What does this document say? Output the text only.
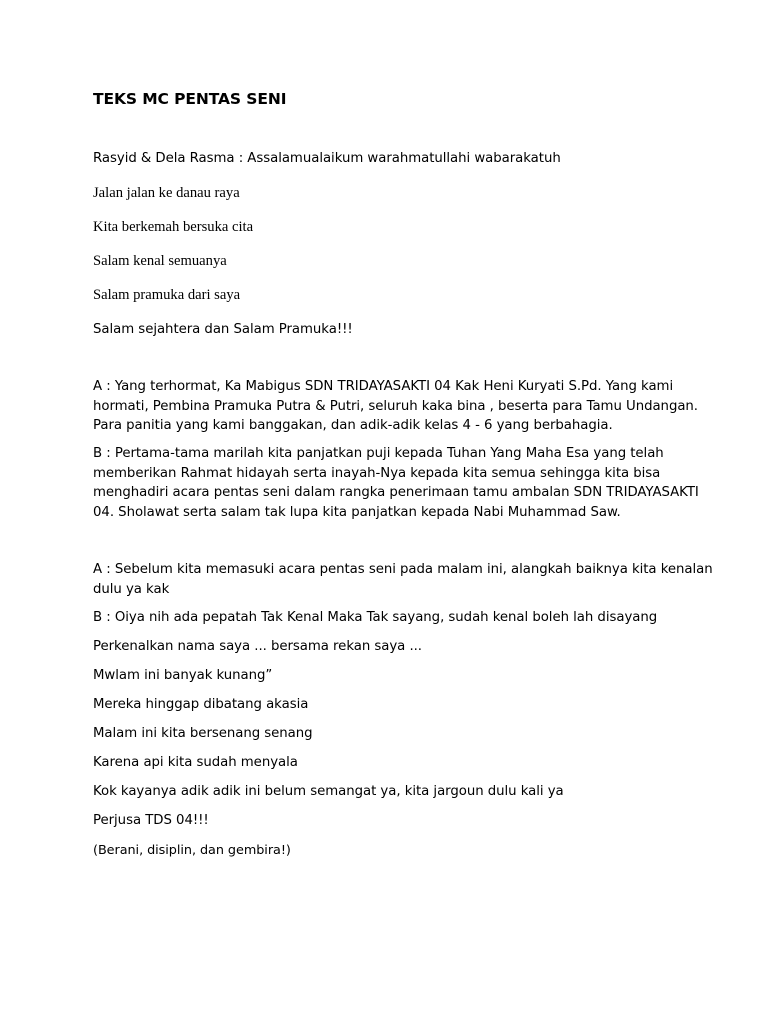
TEKS MC PENTAS SENI

Rasyid & Dela Rasma : Assalamualaikum warahmatullahi wabarakatuh

Jalan jalan ke danau raya

Kita berkemah bersuka cita

Salam kenal semuanya

Salam pramuka dari saya

Salam sejahtera dan Salam Pramuka!!!

A : Yang terhormat, Ka Mabigus SDN TRIDAYASAKTI 04 Kak Heni Kuryati S.Pd. Yang kami
hormati, Pembina Pramuka Putra & Putri, seluruh kaka bina , beserta para Tamu Undangan.
Para panitia yang kami banggakan, dan adik-adik kelas 4 - 6 yang berbahagia.
B : Pertama-tama marilah kita panjatkan puji kepada Tuhan Yang Maha Esa yang telah
memberikan Rahmat hidayah serta inayah-Nya kepada kita semua sehingga kita bisa
menghadiri acara pentas seni dalam rangka penerimaan tamu ambalan SDN TRIDAYASAKTI
04. Sholawat serta salam tak lupa kita panjatkan kepada Nabi Muhammad Saw.
A : Sebelum kita memasuki acara pentas seni pada malam ini, alangkah baiknya kita kenalan
dulu ya kak

B : Oiya nih ada pepatah Tak Kenal Maka Tak sayang, sudah kenal boleh lah disayang

Perkenalkan nama saya ... bersama rekan saya ...

Mwlam ini banyak kunang”

Mereka hinggap dibatang akasia

Malam ini kita bersenang senang

Karena api kita sudah menyala

Kok kayanya adik adik ini belum semangat ya, kita jargoun dulu kali ya

Perjusa TDS 04!!!

(Berani, disiplin, dan gembira!)
